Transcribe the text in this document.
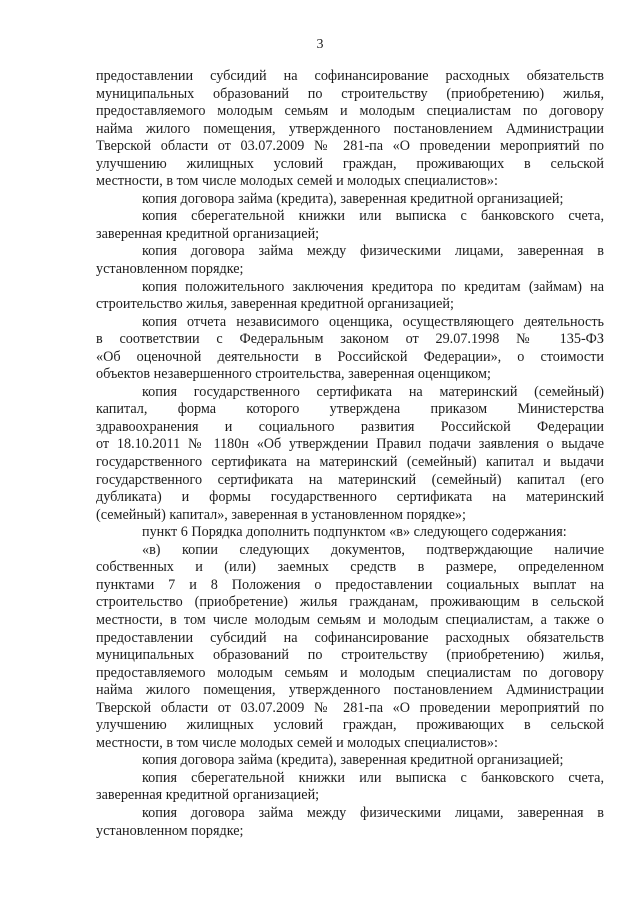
3
предоставлении субсидий на софинансирование расходных обязательств
муниципальных образований по строительству (приобретению) жилья,
предоставляемого молодым семьям и молодым специалистам по договору
найма жилого помещения, утвержденного постановлением Администрации
Тверской области от 03.07.2009 № 281-па «О проведении мероприятий по
улучшению жилищных условий граждан, проживающих в сельской
местности, в том числе молодых семей и молодых специалистов»:
копия договора займа (кредита), заверенная кредитной организацией;
копия сберегательной книжки или выписка с банковского счета,
заверенная кредитной организацией;
копия договора займа между физическими лицами, заверенная в
установленном порядке;
копия положительного заключения кредитора по кредитам (займам) на
строительство жилья, заверенная кредитной организацией;
копия отчета независимого оценщика, осуществляющего деятельность
в соответствии с Федеральным законом от 29.07.1998 № 135-ФЗ
«Об оценочной деятельности в Российской Федерации», о стоимости
объектов незавершенного строительства, заверенная оценщиком;
копия государственного сертификата на материнский (семейный)
капитал, форма которого утверждена приказом Министерства
здравоохранения и социального развития Российской Федерации
от 18.10.2011 № 1180н «Об утверждении Правил подачи заявления о выдаче
государственного сертификата на материнский (семейный) капитал и выдачи
государственного сертификата на материнский (семейный) капитал (его
дубликата) и формы государственного сертификата на материнский
(семейный) капитал», заверенная в установленном порядке»;
пункт 6 Порядка дополнить подпунктом «в» следующего содержания:
«в) копии следующих документов, подтверждающие наличие
собственных и (или) заемных средств в размере, определенном
пунктами 7 и 8 Положения о предоставлении социальных выплат на
строительство (приобретение) жилья гражданам, проживающим в сельской
местности, в том числе молодым семьям и молодым специалистам, а также о
предоставлении субсидий на софинансирование расходных обязательств
муниципальных образований по строительству (приобретению) жилья,
предоставляемого молодым семьям и молодым специалистам по договору
найма жилого помещения, утвержденного постановлением Администрации
Тверской области от 03.07.2009 № 281-па «О проведении мероприятий по
улучшению жилищных условий граждан, проживающих в сельской
местности, в том числе молодых семей и молодых специалистов»:
копия договора займа (кредита), заверенная кредитной организацией;
копия сберегательной книжки или выписка с банковского счета,
заверенная кредитной организацией;
копия договора займа между физическими лицами, заверенная в
установленном порядке;
